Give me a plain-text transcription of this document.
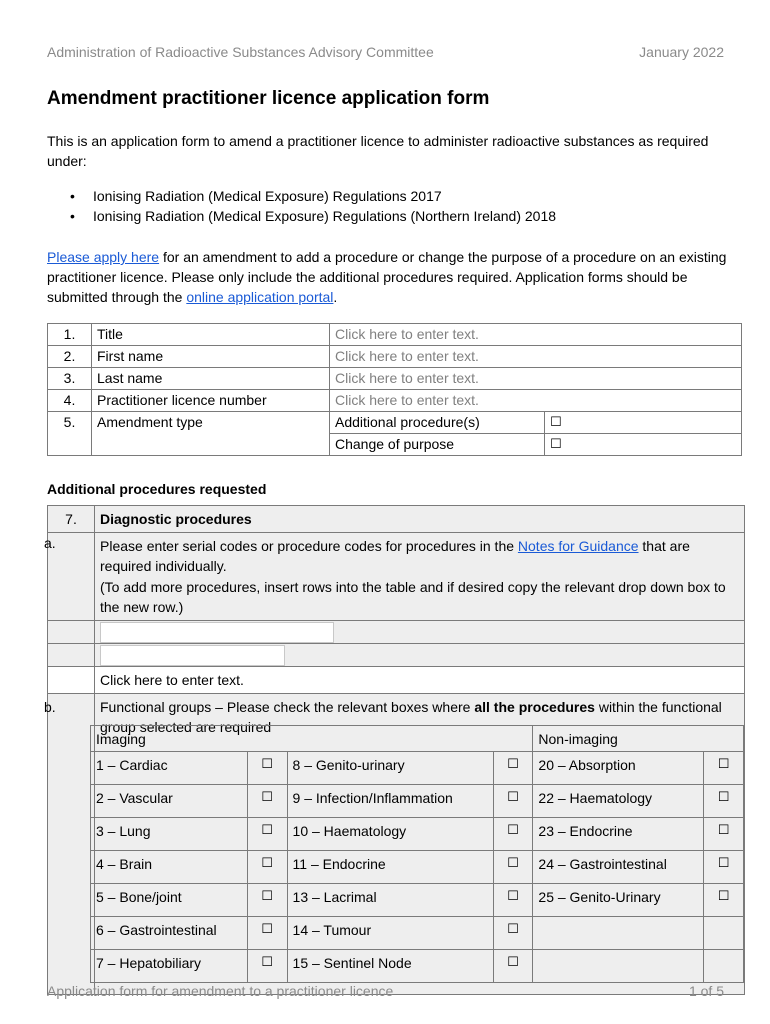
Administration of Radioactive Substances Advisory Committee	January 2022
Amendment practitioner licence application form
This is an application form to amend a practitioner licence to administer radioactive substances as required under:
•	Ionising Radiation (Medical Exposure) Regulations 2017
•	Ionising Radiation (Medical Exposure) Regulations (Northern Ireland) 2018
Please apply here for an amendment to add a procedure or change the purpose of a procedure on an existing practitioner licence. Please only include the additional procedures required. Application forms should be submitted through the online application portal.
1.	Title	Click here to enter text.	
2.	First name	Click here to enter text.	
3.	Last name	Click here to enter text.	
4.	Practitioner licence number	Click here to enter text.	
5.	Amendment type	Additional procedure(s)	☐
		Change of purpose	☐
Additional procedures requested
7.	Diagnostic procedures
a.	Please enter serial codes or procedure codes for procedures in the Notes for Guidance that are required individually.
(To add more procedures, insert rows into the table and if desired copy the relevant drop down box to the new row.)

	Click here to enter text.
b.	Functional groups – Please check the relevant boxes where all the procedures within the functional group selected are required
Imaging				Non-imaging	
1 – Cardiac	☐	8 – Genito-urinary	☐	20 – Absorption	☐
2 – Vascular	☐	9 – Infection/Inflammation	☐	22 – Haematology	☐
3 – Lung	☐	10 – Haematology	☐	23 – Endocrine	☐
4 – Brain	☐	11 – Endocrine	☐	24 – Gastrointestinal	☐
5 – Bone/joint	☐	13 – Lacrimal	☐	25 – Genito-Urinary	☐
6 – Gastrointestinal	☐	14 – Tumour	☐		
7 – Hepatobiliary	☐	15 – Sentinel Node	☐		
Application form for amendment to a practitioner licence	1 of 5
